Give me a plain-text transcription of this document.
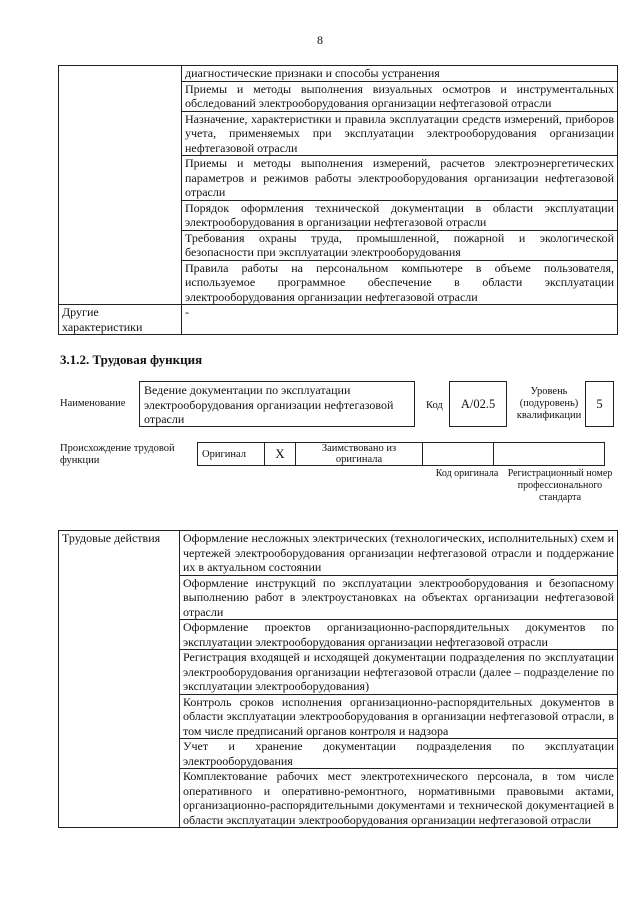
8
	диагностические признаки и способы устранения
	Приемы и методы выполнения визуальных осмотров и инструментальных обследований электрооборудования организации нефтегазовой отрасли
	Назначение, характеристики и правила эксплуатации средств измерений, приборов учета, применяемых при эксплуатации электрооборудования организации нефтегазовой отрасли
	Приемы и методы выполнения измерений, расчетов электроэнергетических параметров и режимов работы электрооборудования организации нефтегазовой отрасли
	Порядок оформления технической документации в области эксплуатации электрооборудования в организации нефтегазовой отрасли
	Требования охраны труда, промышленной, пожарной и экологической безопасности при эксплуатации электрооборудования
	Правила работы на персональном компьютере в объеме пользователя, используемое программное обеспечение в области эксплуатации электрооборудования организации нефтегазовой отрасли
Другие характеристики	-
3.1.2. Трудовая функция
Наименование
Ведение документации по эксплуатации электрооборудования организации нефтегазовой отрасли
Код	A/02.5
Уровень (подуровень) квалификации
5
Происхождение трудовой функции
Оригинал	X	Заимствовано из оригинала		
Код оригинала Регистрационный номер профессионального стандарта
Трудовые действия	Оформление несложных электрических (технологических, исполнительных) схем и чертежей электрооборудования организации нефтегазовой отрасли и поддержание их в актуальном состоянии
Оформление инструкций по эксплуатации электрооборудования и безопасному выполнению работ в электроустановках на объектах организации нефтегазовой отрасли
Оформление проектов организационно-распорядительных документов по эксплуатации электрооборудования организации нефтегазовой отрасли
Регистрация входящей и исходящей документации подразделения по эксплуатации электрооборудования организации нефтегазовой отрасли (далее – подразделение по эксплуатации электрооборудования)
Контроль сроков исполнения организационно-распорядительных документов в области эксплуатации электрооборудования в организации нефтегазовой отрасли, в том числе предписаний органов контроля и надзора
Учет и хранение документации подразделения по эксплуатации электрооборудования
Комплектование рабочих мест электротехнического персонала, в том числе оперативного и оперативно-ремонтного, нормативными правовыми актами, организационно-распорядительными документами и технической документацией в области эксплуатации электрооборудования организации нефтегазовой отрасли
